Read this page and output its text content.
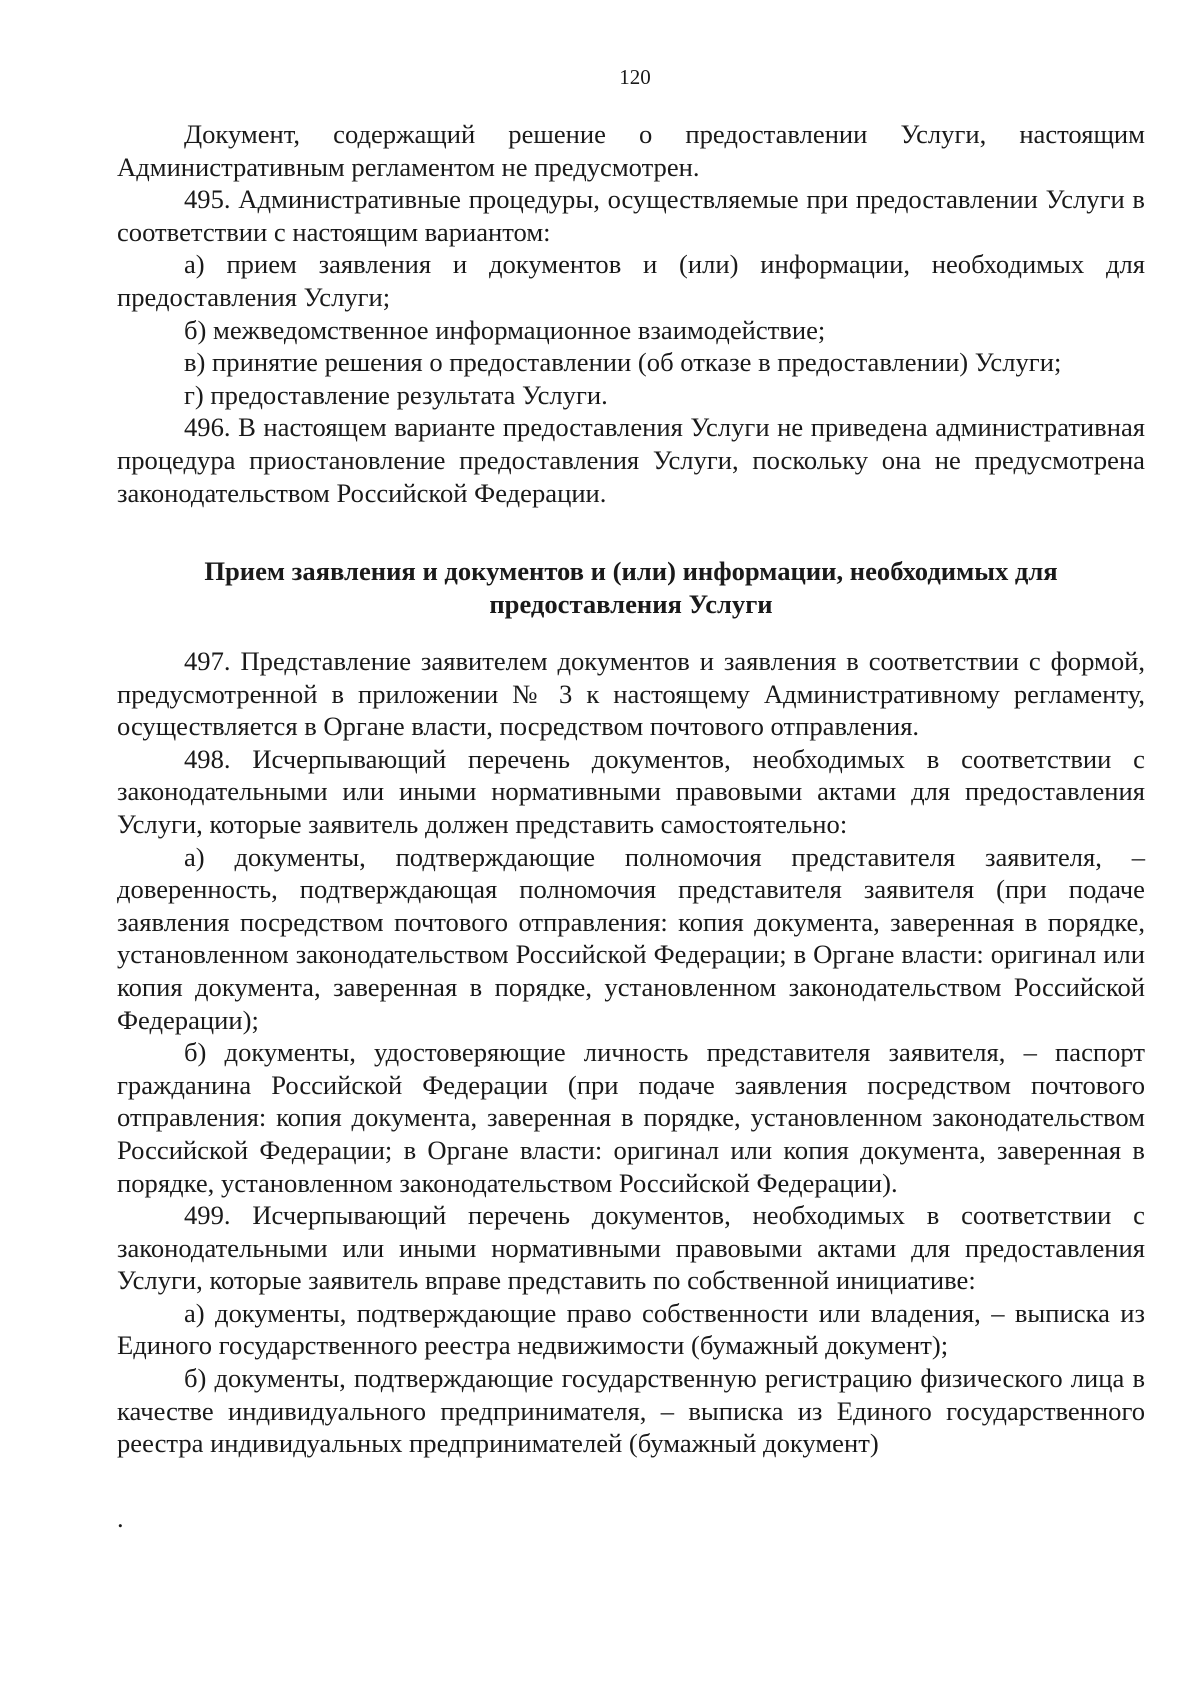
120

Документ, содержащий решение о предоставлении Услуги, настоящим Административным регламентом не предусмотрен.

495. Административные процедуры, осуществляемые при предоставлении Услуги в соответствии с настоящим вариантом:

а) прием заявления и документов и (или) информации, необходимых для предоставления Услуги;

б) межведомственное информационное взаимодействие;

в) принятие решения о предоставлении (об отказе в предоставлении) Услуги;

г) предоставление результата Услуги.

496. В настоящем варианте предоставления Услуги не приведена административная процедура приостановление предоставления Услуги, поскольку она не предусмотрена законодательством Российской Федерации.

Прием заявления и документов и (или) информации, необходимых для
предоставления Услуги

497. Представление заявителем документов и заявления в соответствии с формой, предусмотренной в приложении № 3 к настоящему Административному регламенту, осуществляется в Органе власти, посредством почтового отправления.

498. Исчерпывающий перечень документов, необходимых в соответствии с законодательными или иными нормативными правовыми актами для предоставления Услуги, которые заявитель должен представить самостоятельно:

а) документы, подтверждающие полномочия представителя заявителя, – доверенность, подтверждающая полномочия представителя заявителя (при подаче заявления посредством почтового отправления: копия документа, заверенная в порядке, установленном законодательством Российской Федерации; в Органе власти: оригинал или копия документа, заверенная в порядке, установленном законодательством Российской Федерации);

б) документы, удостоверяющие личность представителя заявителя, – паспорт гражданина Российской Федерации (при подаче заявления посредством почтового отправления: копия документа, заверенная в порядке, установленном законодательством Российской Федерации; в Органе власти: оригинал или копия документа, заверенная в порядке, установленном законодательством Российской Федерации).

499. Исчерпывающий перечень документов, необходимых в соответствии с законодательными или иными нормативными правовыми актами для предоставления Услуги, которые заявитель вправе представить по собственной инициативе:

а) документы, подтверждающие право собственности или владения, – выписка из Единого государственного реестра недвижимости (бумажный документ);

б) документы, подтверждающие государственную регистрацию физического лица в качестве индивидуального предпринимателя, – выписка из Единого государственного реестра индивидуальных предпринимателей (бумажный документ)

.
